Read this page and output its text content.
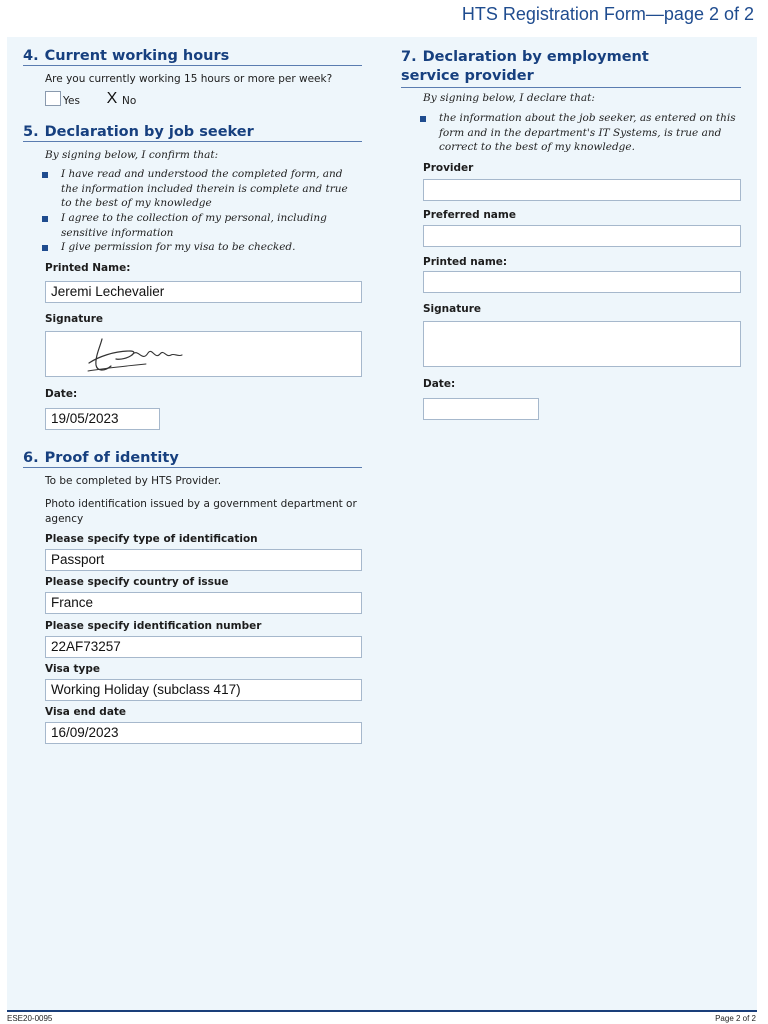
HTS Registration Form—page 2 of 2
4. Current working hours
Are you currently working 15 hours or more per week?
Yes X No
5. Declaration by job seeker
By signing below, I confirm that:
I have read and understood the completed form, and the information included therein is complete and true to the best of my knowledge
I agree to the collection of my personal, including sensitive information
I give permission for my visa to be checked.
Printed Name:
Jeremi Lechevalier
Signature
Date:
19/05/2023
6. Proof of identity
To be completed by HTS Provider.
Photo identification issued by a government department or agency
Please specify type of identification
Passport
Please specify country of issue
France
Please specify identification number
22AF73257
Visa type
Working Holiday (subclass 417)
Visa end date
16/09/2023
7. Declaration by employment
service provider
By signing below, I declare that:
the information about the job seeker, as entered on this form and in the department's IT Systems, is true and correct to the best of my knowledge.
Provider
Preferred name
Printed name:
Signature
Date:
ESE20-0095	Page 2 of 2
